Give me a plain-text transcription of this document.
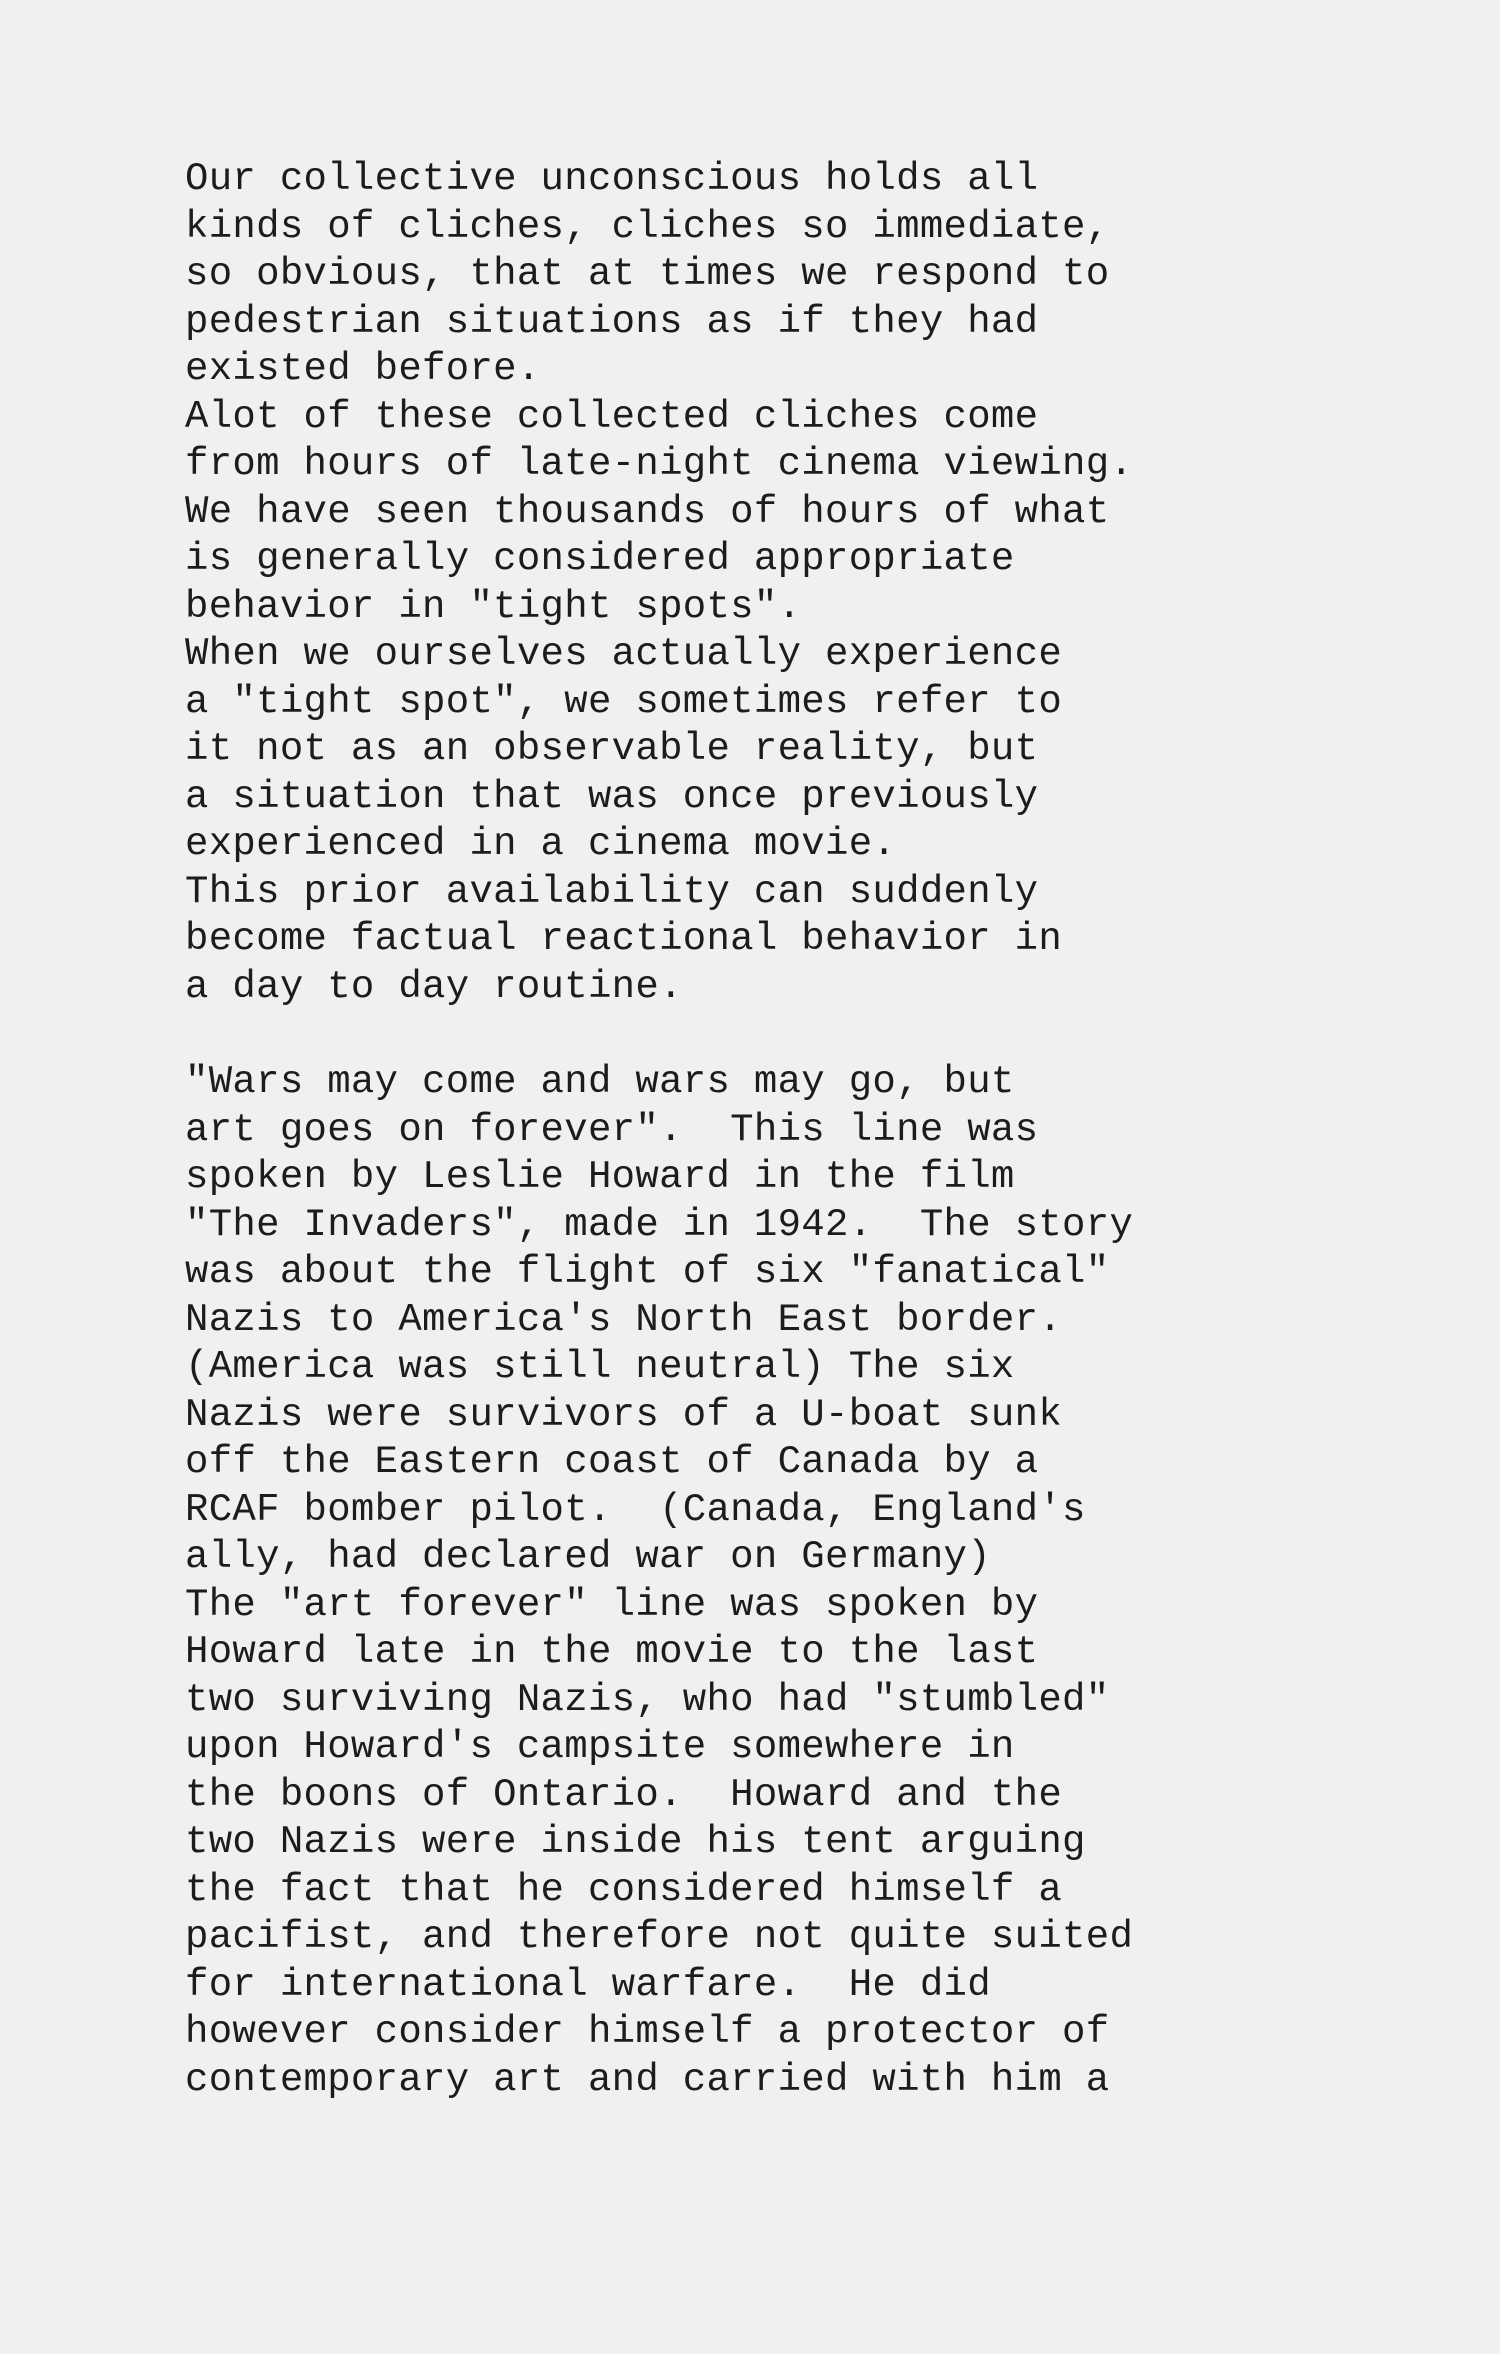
Our collective unconscious holds all
kinds of cliches, cliches so immediate,
so obvious, that at times we respond to
pedestrian situations as if they had
existed before.
Alot of these collected cliches come
from hours of late-night cinema viewing.
We have seen thousands of hours of what
is generally considered appropriate
behavior in "tight spots".
When we ourselves actually experience
a "tight spot", we sometimes refer to
it not as an observable reality, but
a situation that was once previously
experienced in a cinema movie.
This prior availability can suddenly
become factual reactional behavior in
a day to day routine.
"Wars may come and wars may go, but
art goes on forever".  This line was
spoken by Leslie Howard in the film
"The Invaders", made in 1942.  The story
was about the flight of six "fanatical"
Nazis to America's North East border.
(America was still neutral) The six
Nazis were survivors of a U-boat sunk
off the Eastern coast of Canada by a
RCAF bomber pilot.  (Canada, England's
ally, had declared war on Germany)
The "art forever" line was spoken by
Howard late in the movie to the last
two surviving Nazis, who had "stumbled"
upon Howard's campsite somewhere in
the boons of Ontario.  Howard and the
two Nazis were inside his tent arguing
the fact that he considered himself a
pacifist, and therefore not quite suited
for international warfare.  He did
however consider himself a protector of
contemporary art and carried with him a
